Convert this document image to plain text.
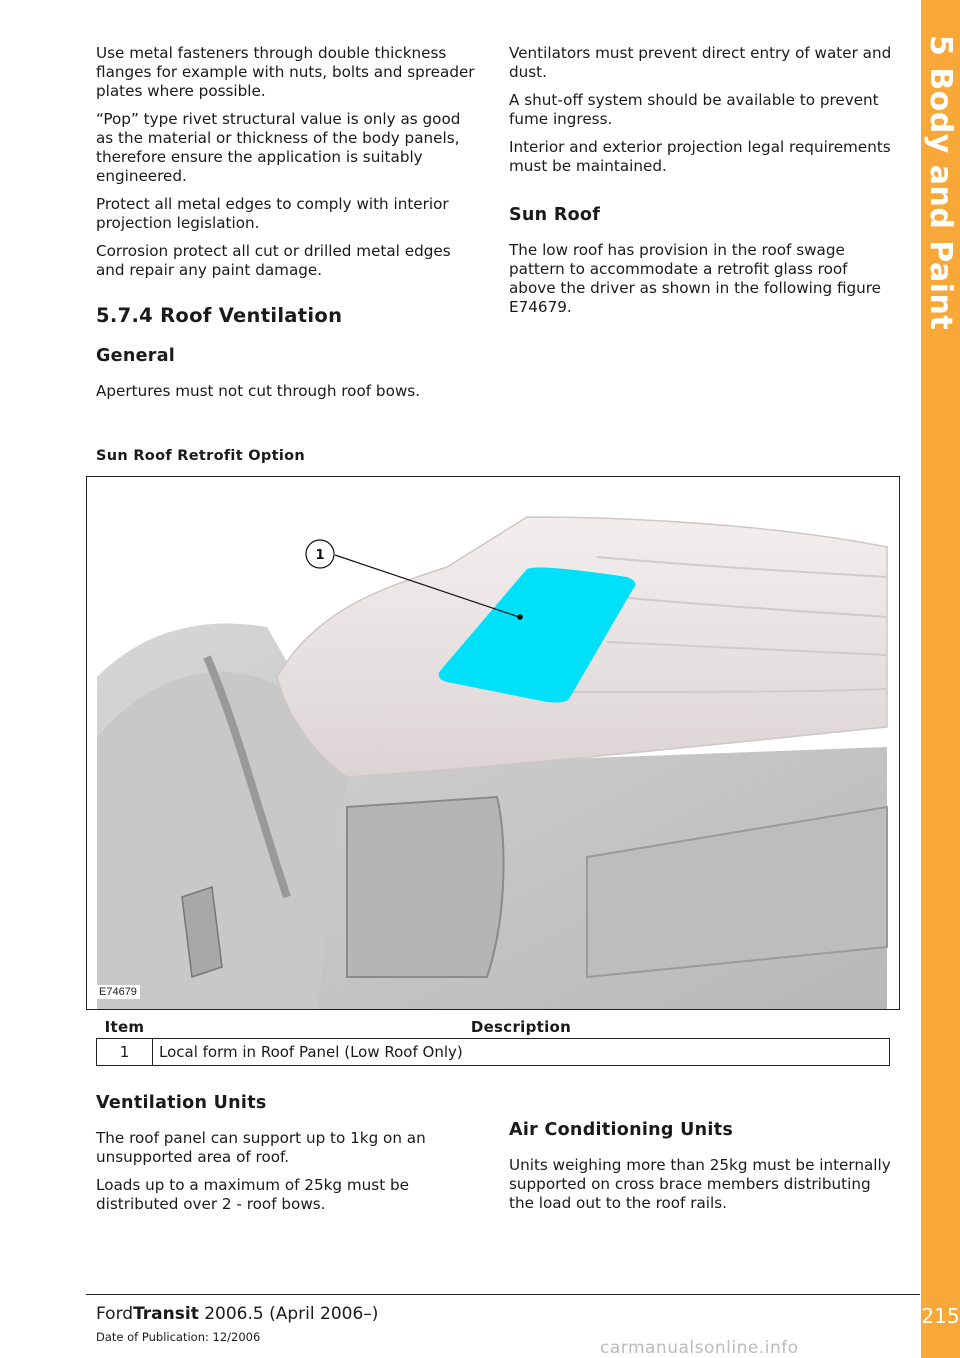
Use metal fasteners through double thickness flanges for example with nuts, bolts and spreader plates where possible.

“Pop” type rivet structural value is only as good as the material or thickness of the body panels, therefore ensure the application is suitably engineered.

Protect all metal edges to comply with interior projection legislation.

Corrosion protect all cut or drilled metal edges and repair any paint damage.

5.7.4 Roof Ventilation
General

Apertures must not cut through roof bows.

Ventilators must prevent direct entry of water and dust.

A shut-off system should be available to prevent fume ingress.

Interior and exterior projection legal requirements must be maintained.

Sun Roof

The low roof has provision in the roof swage pattern to accommodate a retrofit glass roof above the driver as shown in the following figure E74679.

Sun Roof Retrofit Option
1
E74679
Item	Description
1	Local form in Roof Panel (Low Roof Only)
Ventilation Units

The roof panel can support up to 1kg on an unsupported area of roof.

Loads up to a maximum of 25kg must be distributed over 2 - roof bows.

Air Conditioning Units

Units weighing more than 25kg must be internally supported on cross brace members distributing the load out to the roof rails.

5 Body and Paint
215
FordTransit 2006.5 (April 2006–)
Date of Publication: 12/2006
carmanualsonline.info
